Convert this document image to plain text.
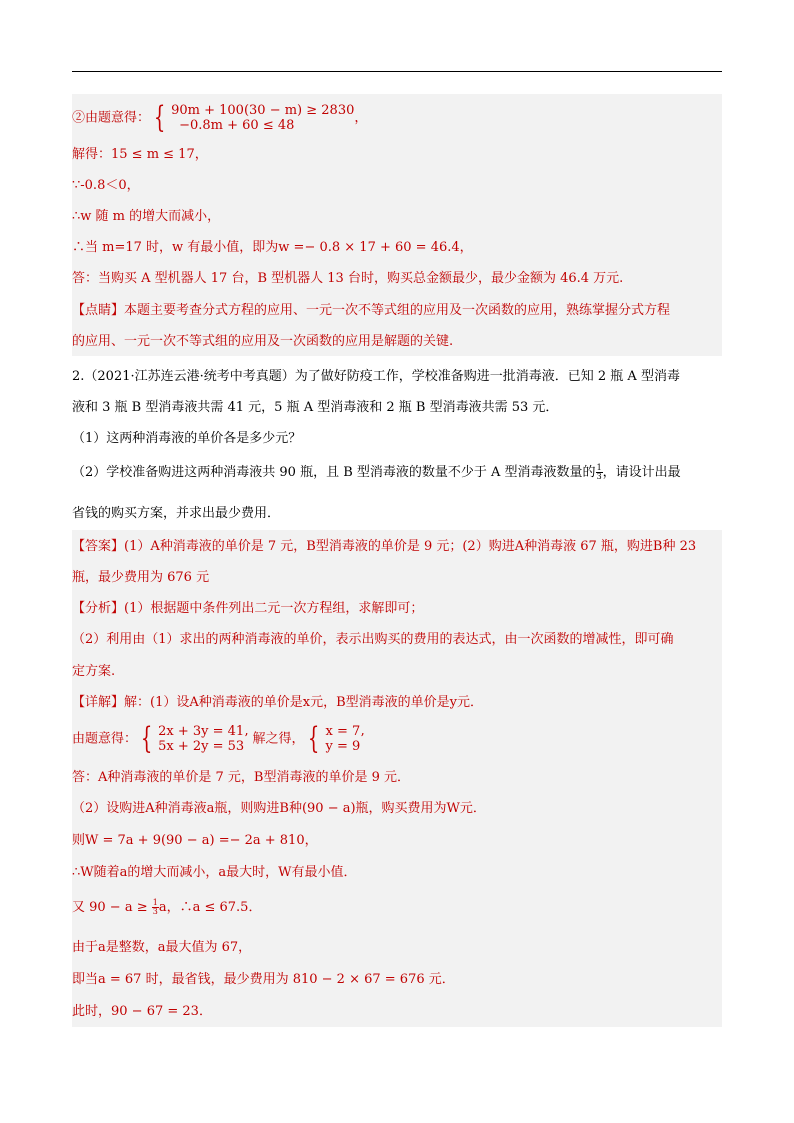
②由题意得： { 90m + 100(30 − m) ≥ 2830
−0.8m + 60 ≤ 48	，
解得：15 ≤ m ≤ 17，
∵-0.8＜0，
∴w 随 m 的增大而减小，
∴当 m=17 时，w 有最小值，即为w =− 0.8 × 17 + 60 = 46.4，
答：当购买 A 型机器人 17 台，B 型机器人 13 台时，购买总金额最少，最少金额为 46.4 万元.
【点睛】本题主要考查分式方程的应用、一元一次不等式组的应用及一次函数的应用，熟练掌握分式方程
的应用、一元一次不等式组的应用及一次函数的应用是解题的关键.
2.（2021·江苏连云港·统考中考真题）为了做好防疫工作，学校准备购进一批消毒液．已知 2 瓶 A 型消毒
液和 3 瓶 B 型消毒液共需 41 元，5 瓶 A 型消毒液和 2 瓶 B 型消毒液共需 53 元．
（1）这两种消毒液的单价各是多少元？
（2）学校准备购进这两种消毒液共 90 瓶，且 B 型消毒液的数量不少于 A 型消毒液数量的 $\frac{1}{3}$ ，请设计出最
省钱的购买方案，并求出最少费用．
【答案】(1）A种消毒液的单价是 7 元，B型消毒液的单价是 9 元；(2）购进A种消毒液 67 瓶，购进B种 23
瓶，最少费用为 676 元
【分析】(1）根据题中条件列出二元一次方程组，求解即可；
（2）利用由（1）求出的两种消毒液的单价，表示出购买的费用的表达式，由一次函数的增减性，即可确
定方案.
【详解】解：(1）设A种消毒液的单价是x元，B型消毒液的单价是y元．
由题意得： { 2x + 3y = 41
5x + 2y = 53 ’ 解之得， { x = 7
y = 9 ’
答：A种消毒液的单价是 7 元，B型消毒液的单价是 9 元．
（2）设购进A种消毒液a瓶，则购进B种(90 − a)瓶，购买费用为W元．
则W = 7a + 9(90 − a) =− 2a + 810，
∴W随着a的增大而减小，a最大时，W有最小值．
又 $90 - a \ge \frac{1}{3}$ a，∴a ≤ 67.5．
由于a是整数，a最大值为 67，
即当a = 67 时，最省钱，最少费用为 810 − 2 × 67 = 676 元．
此时，90 − 67 = 23．
